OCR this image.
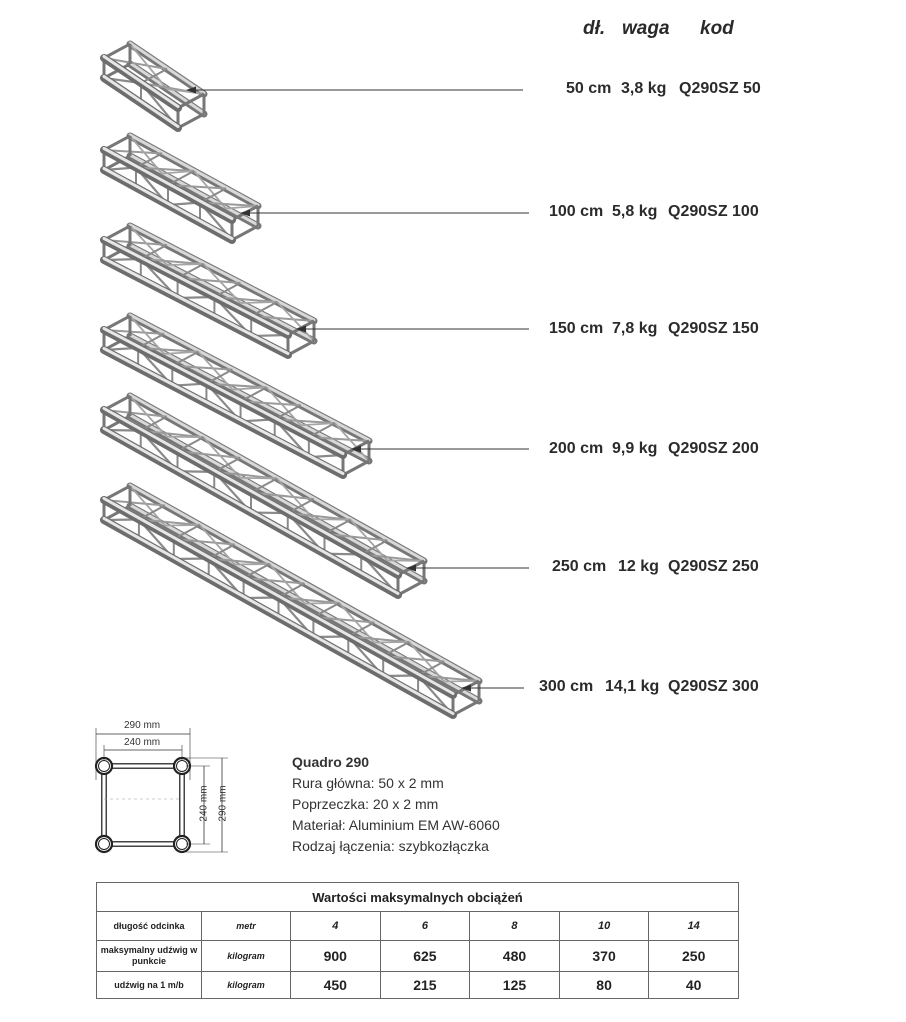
dł. waga kod
50 cm 3,8 kg Q290SZ 50
100 cm 5,8 kg Q290SZ 100
150 cm 7,8 kg Q290SZ 150
200 cm 9,9 kg Q290SZ 200
250 cm 12 kg Q290SZ 250
300 cm 14,1 kg Q290SZ 300
290 mm
240 mm
240 mm 290 mm
Quadro 290
Rura główna: 50 x 2 mm
Poprzeczka: 20 x 2 mm
Materiał: Aluminium EM AW-6060
Rodzaj łączenia: szybkozłączka
Wartości maksymalnych obciążeń						
długość odcinka	metr	4	6	8	10	14
maksymalny udźwig w punkcie	kilogram	900	625	480	370	250
udźwig na 1 m/b	kilogram	450	215	125	80	40
